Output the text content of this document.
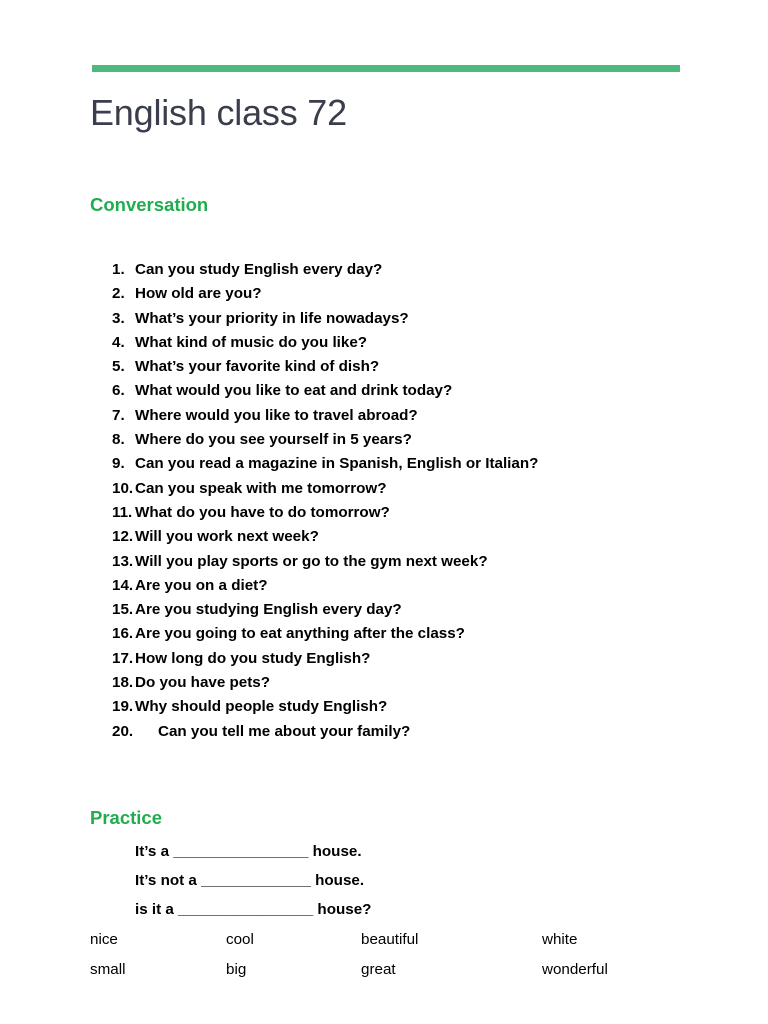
English class 72
Conversation
1. Can you study English every day?
2. How old are you?
3. What’s your priority in life nowadays?
4. What kind of music do you like?
5. What’s your favorite kind of dish?
6. What would you like to eat and drink today?
7. Where would you like to travel abroad?
8. Where do you see yourself in 5 years?
9. Can you read a magazine in Spanish, English or Italian?
10. Can you speak with me tomorrow?
11. What do you have to do tomorrow?
12. Will you work next week?
13. Will you play sports or go to the gym next week?
14. Are you on a diet?
15. Are you studying English every day?
16. Are you going to eat anything after the class?
17. How long do you study English?
18. Do you have pets?
19. Why should people study English?
20. Can you tell me about your family?
Practice
It’s a ________________ house.
It’s not a _____________ house.
is it a ________________ house?
nice	cool	beautiful	white
small	big	great	wonderful
